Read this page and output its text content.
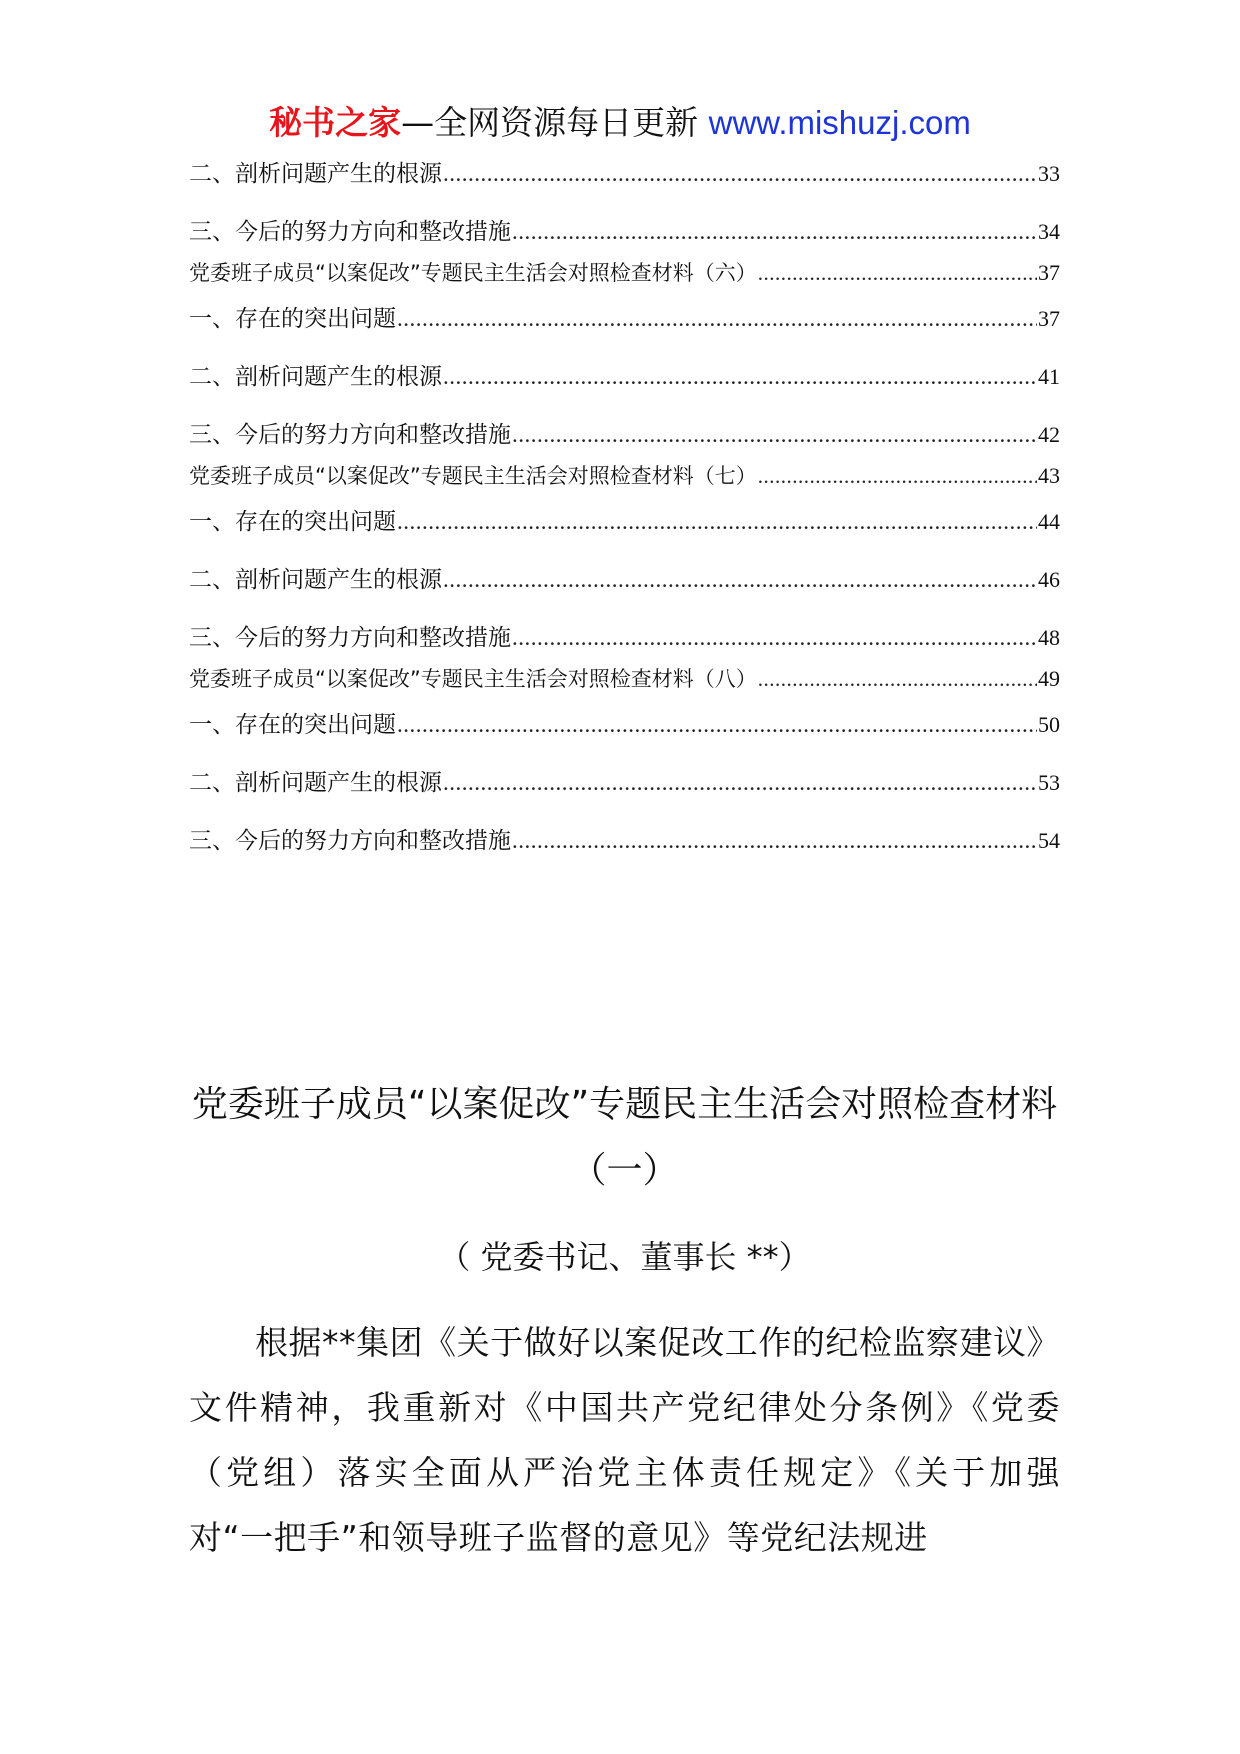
秘书之家—全网资源每日更新 www.mishuzj.com
二、剖析问题产生的根源 .....	33
三、今后的努力方向和整改措施 .....	34
党委班子成员“以案促改”专题民主生活会对照检查材料（六） .....	37
一、存在的突出问题 .....	37
二、剖析问题产生的根源 .....	41
三、今后的努力方向和整改措施 .....	42
党委班子成员“以案促改”专题民主生活会对照检查材料（七） .....	43
一、存在的突出问题 .....	44
二、剖析问题产生的根源 .....	46
三、今后的努力方向和整改措施 .....	48
党委班子成员“以案促改”专题民主生活会对照检查材料（八） .....	49
一、存在的突出问题 .....	50
二、剖析问题产生的根源 .....	53
三、今后的努力方向和整改措施 .....	54
党委班子成员“以案促改”专题民主生活会对照检查材料（一）
（ 党委书记、董事长 **）
根据**集团《关于做好以案促改工作的纪检监察建议》文件精神，我重新对《中国共产党纪律处分条例》《党委（党组）落实全面从严治党主体责任规定》《关于加强对“一把手”和领导班子监督的意见》等党纪法规进
